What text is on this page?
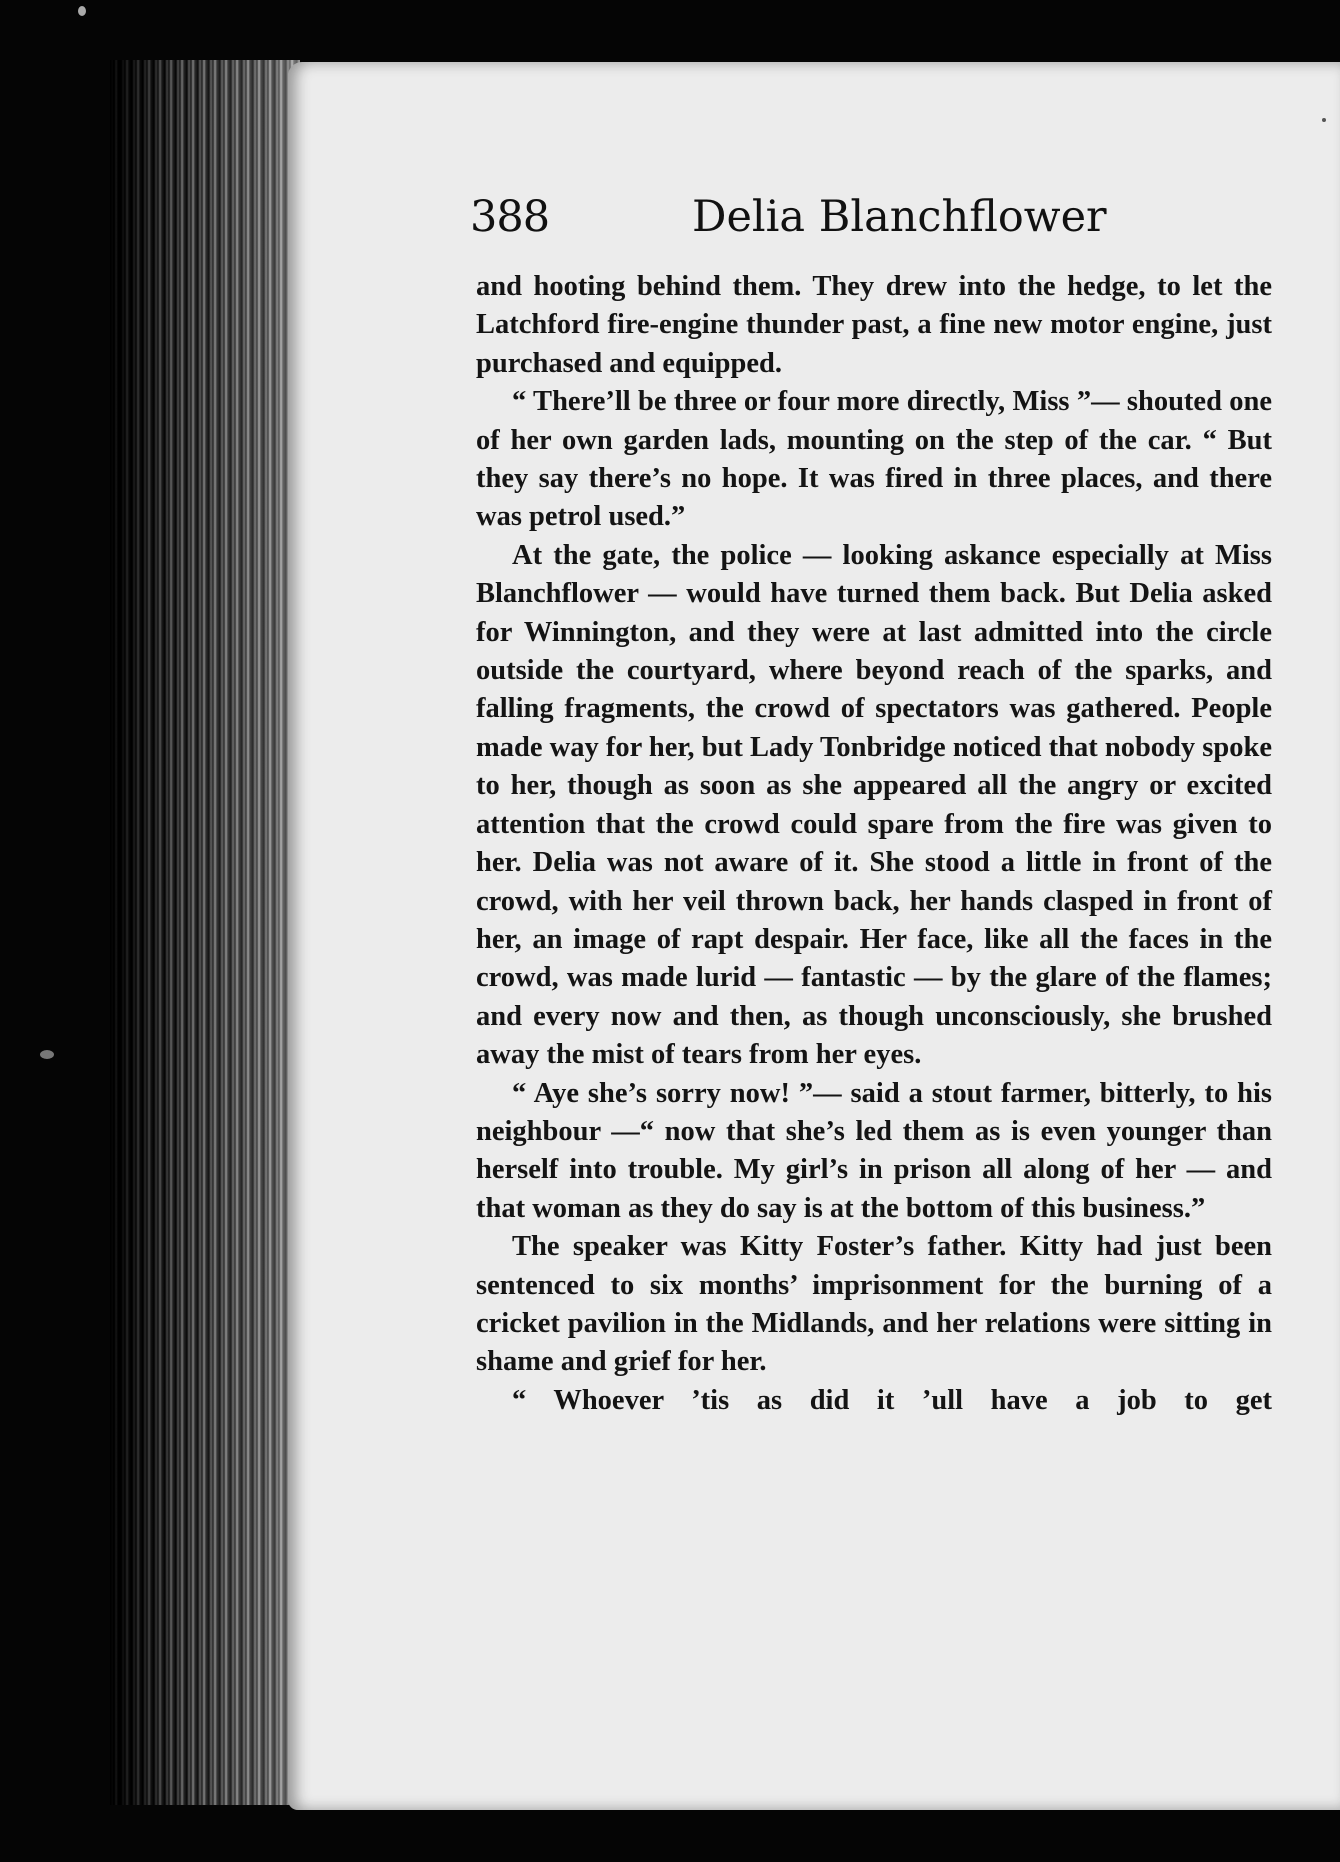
388	Delia Blanchflower

and hooting behind them. They drew into the hedge, to let the Latchford fire-engine thunder past, a fine new motor engine, just purchased and equipped.

“ There’ll be three or four more directly, Miss ”— shouted one of her own garden lads, mounting on the step of the car. “ But they say there’s no hope. It was fired in three places, and there was petrol used.”

At the gate, the police — looking askance especially at Miss Blanchflower — would have turned them back. But Delia asked for Winnington, and they were at last admitted into the circle outside the courtyard, where beyond reach of the sparks, and falling fragments, the crowd of spectators was gathered. People made way for her, but Lady Tonbridge noticed that nobody spoke to her, though as soon as she appeared all the angry or excited attention that the crowd could spare from the fire was given to her. Delia was not aware of it. She stood a little in front of the crowd, with her veil thrown back, her hands clasped in front of her, an image of rapt despair. Her face, like all the faces in the crowd, was made lurid — fantastic — by the glare of the flames; and every now and then, as though unconsciously, she brushed away the mist of tears from her eyes.

“ Aye she’s sorry now! ”— said a stout farmer, bitterly, to his neighbour —“ now that she’s led them as is even younger than herself into trouble. My girl’s in prison all along of her — and that woman as they do say is at the bottom of this business.”

The speaker was Kitty Foster’s father. Kitty had just been sentenced to six months’ imprisonment for the burning of a cricket pavilion in the Midlands, and her relations were sitting in shame and grief for her.

“ Whoever ’tis as did it ’ull have a job to get
